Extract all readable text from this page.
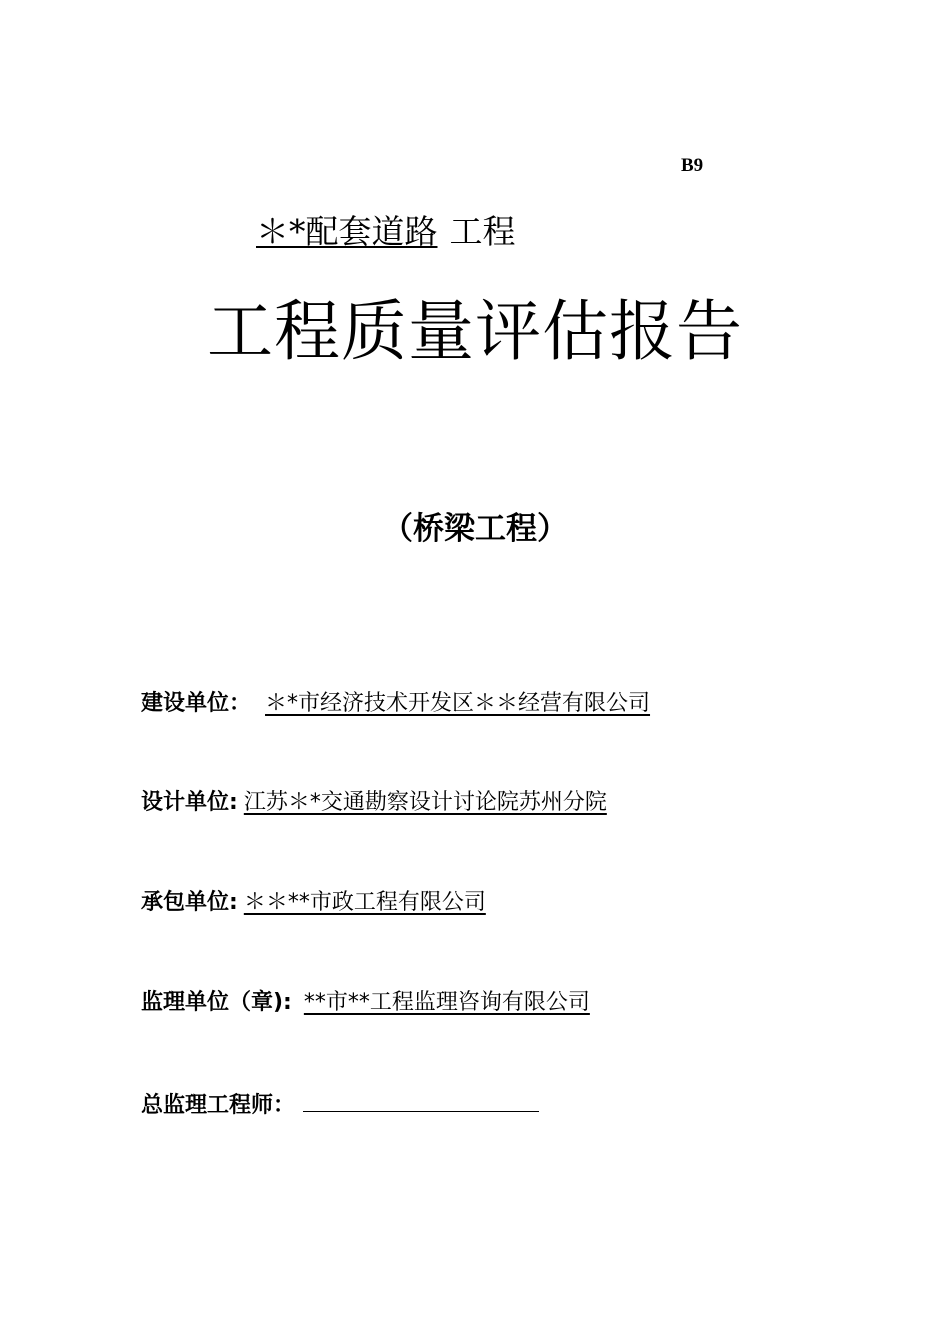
B9
＊*配套道路 工程
工程质量评估报告
（桥梁工程）
建设单位： ＊*市经济技术开发区＊＊经营有限公司
设计单位: 江苏＊*交通勘察设计讨论院苏州分院
承包单位: ＊＊**市政工程有限公司
监理单位（章): **市**工程监理咨询有限公司
总监理工程师：
